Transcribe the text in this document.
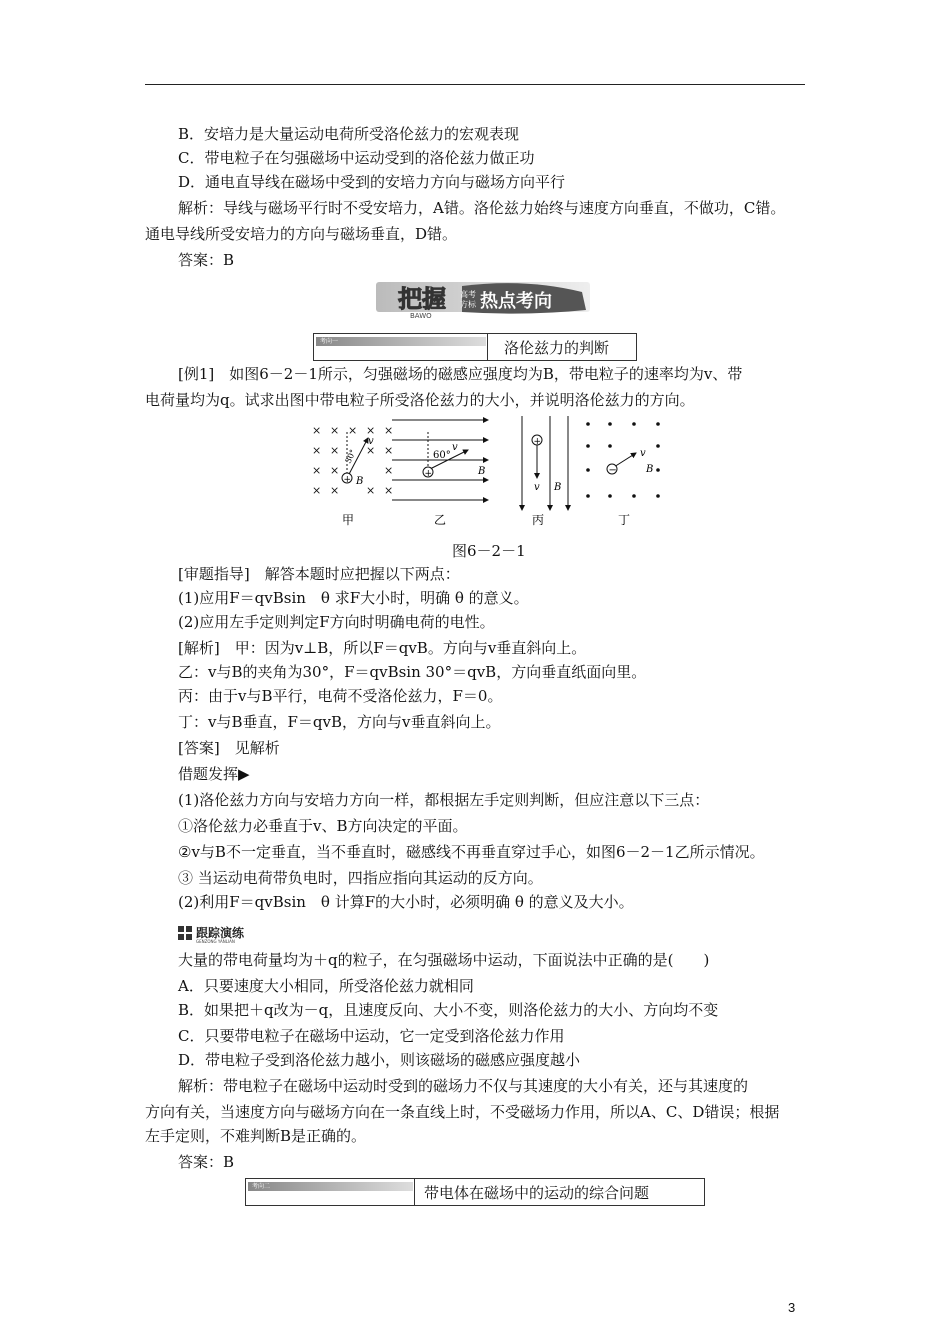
B．安培力是大量运动电荷所受洛伦兹力的宏观表现
C．带电粒子在匀强磁场中运动受到的洛伦兹力做正功
D．通电直导线在磁场中受到的安培力方向与磁场方向平行
解析：导线与磁场平行时不受安培力，A错。洛伦兹力始终与速度方向垂直，不做功，C错。
通电导线所受安培力的方向与磁场垂直，D错。
答案：B
把握 高考
方标 热点考向
BAWO
考向一	洛伦兹力的判断
[例1]　如图6－2－1所示，匀强磁场的磁感应强度均为B，带电粒子的速率均为v、带
电荷量均为q。试求出图中带电粒子所受洛伦兹力的大小，并说明洛伦兹力的方向。
× × × × ×
× × × ×
× ×	×
× × × ×
+
v
B
30°
+
60°
v
B
+
v B
−
v
B
甲	乙	丙	丁
图6－2－1
[审题指导]　解答本题时应把握以下两点：
(1)应用F＝qvBsin　θ 求F大小时，明确 θ 的意义。
(2)应用左手定则判定F方向时明确电荷的电性。
[解析]　甲：因为v⊥B，所以F＝qvB。方向与v垂直斜向上。
乙：v与B的夹角为30°，F＝qvBsin 30°＝qvB，方向垂直纸面向里。
丙：由于v与B平行，电荷不受洛伦兹力，F＝0。
丁：v与B垂直，F＝qvB，方向与v垂直斜向上。
[答案]　见解析
借题发挥▶
(1)洛伦兹力方向与安培力方向一样，都根据左手定则判断，但应注意以下三点：
①洛伦兹力必垂直于v、B方向决定的平面。
②v与B不一定垂直，当不垂直时，磁感线不再垂直穿过手心，如图6－2－1乙所示情况。
③ 当运动电荷带负电时，四指应指向其运动的反方向。
(2)利用F＝qvBsin　θ 计算F的大小时，必须明确 θ 的意义及大小。
跟踪演练
GENZONG YANLIAN
大量的带电荷量均为＋q的粒子，在匀强磁场中运动，下面说法中正确的是(　　)
A．只要速度大小相同，所受洛伦兹力就相同
B．如果把＋q改为－q，且速度反向、大小不变，则洛伦兹力的大小、方向均不变
C．只要带电粒子在磁场中运动，它一定受到洛伦兹力作用
D．带电粒子受到洛伦兹力越小，则该磁场的磁感应强度越小
解析：带电粒子在磁场中运动时受到的磁场力不仅与其速度的大小有关，还与其速度的
方向有关，当速度方向与磁场方向在一条直线上时，不受磁场力作用，所以A、C、D错误；根据
左手定则，不难判断B是正确的。
答案：B
考向二	带电体在磁场中的运动的综合问题
3
